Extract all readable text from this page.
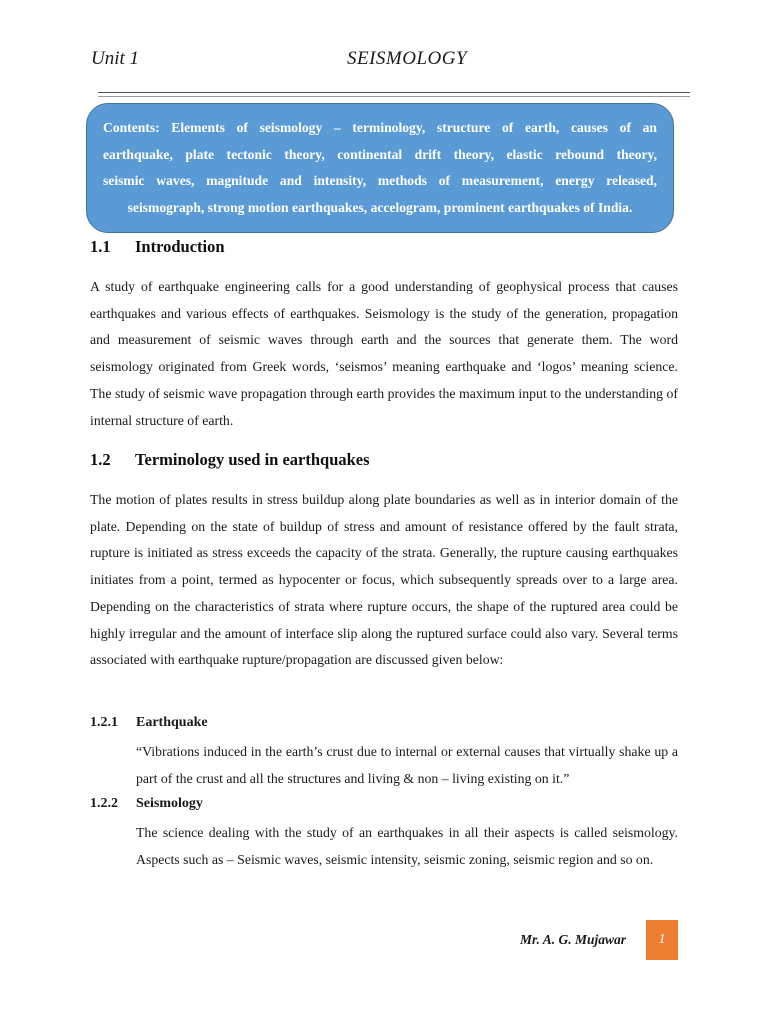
Unit 1	SEISMOLOGY
Contents: Elements of seismology – terminology, structure of earth, causes of an
earthquake, plate tectonic theory, continental drift theory, elastic rebound theory,
seismic waves, magnitude and intensity, methods of measurement, energy released,
seismograph, strong motion earthquakes, accelogram, prominent earthquakes of India.
1.1 Introduction
A study of earthquake engineering calls for a good understanding of geophysical process that causes earthquakes and various effects of earthquakes. Seismology is the study of the generation, propagation and measurement of seismic waves through earth and the sources that generate them. The word seismology originated from Greek words, ‘seismos’ meaning earthquake and ‘logos’ meaning science. The study of seismic wave propagation through earth provides the maximum input to the understanding of internal structure of earth.
1.2 Terminology used in earthquakes
The motion of plates results in stress buildup along plate boundaries as well as in interior domain of the plate. Depending on the state of buildup of stress and amount of resistance offered by the fault strata, rupture is initiated as stress exceeds the capacity of the strata. Generally, the rupture causing earthquakes initiates from a point, termed as hypocenter or focus, which subsequently spreads over to a large area. Depending on the characteristics of strata where rupture occurs, the shape of the ruptured area could be highly irregular and the amount of interface slip along the ruptured surface could also vary. Several terms associated with earthquake rupture/propagation are discussed given below:
1.2.1 Earthquake
“Vibrations induced in the earth’s crust due to internal or external causes that virtually shake up a part of the crust and all the structures and living & non – living existing on it.”
1.2.2 Seismology
The science dealing with the study of an earthquakes in all their aspects is called seismology. Aspects such as – Seismic waves, seismic intensity, seismic zoning, seismic region and so on.
Mr. A. G. Mujawar	1
